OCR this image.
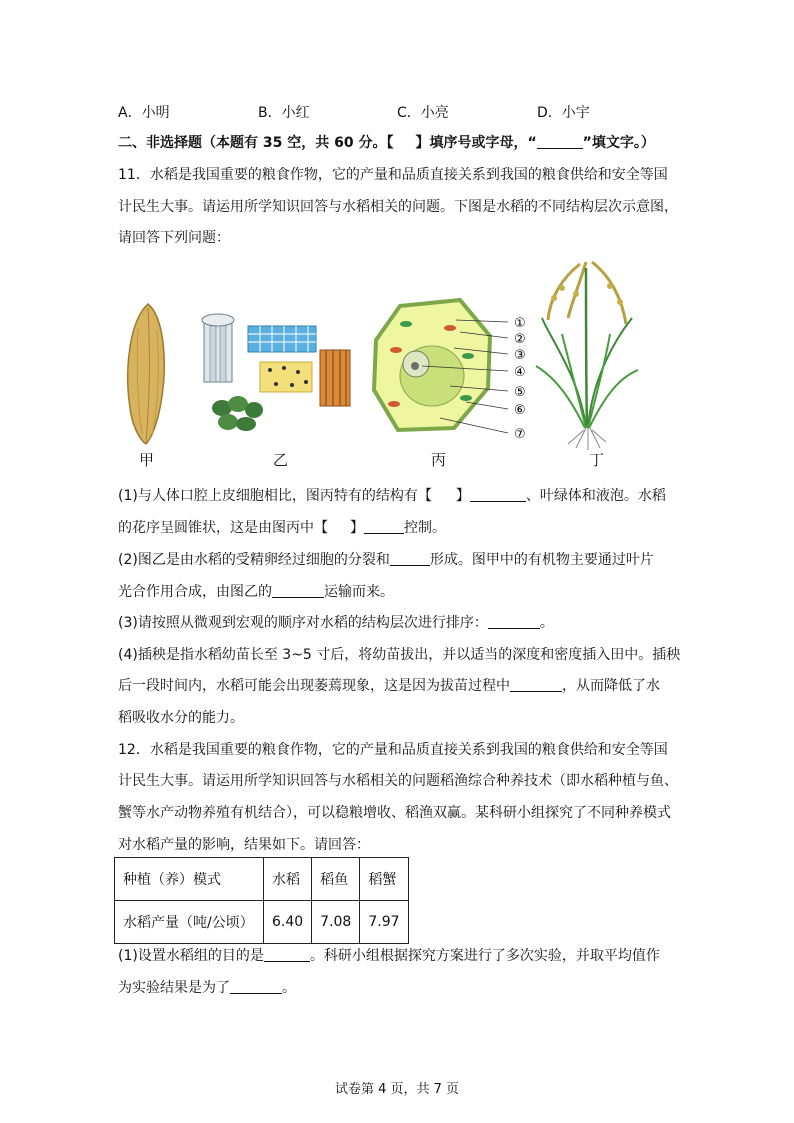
A．小明	B．小红	C．小亮	D．小宇
二、非选择题（本题有 35 空，共 60 分。【 】填序号或字母，“	”填文字。）
11．水稻是我国重要的粮食作物，它的产量和品质直接关系到我国的粮食供给和安全等国
计民生大事。请运用所学知识回答与水稻相关的问题。下图是水稻的不同结构层次示意图，
请回答下列问题：
①
②
③
④
⑤
⑥
⑦
甲	乙	丙	丁
(1)与人体口腔上皮细胞相比，图丙特有的结构有【 】	、叶绿体和液泡。水稻
的花序呈圆锥状，这是由图丙中【 】	控制。
(2)图乙是由水稻的受精卵经过细胞的分裂和	形成。图甲中的有机物主要通过叶片
光合作用合成，由图乙的	运输而来。
(3)请按照从微观到宏观的顺序对水稻的结构层次进行排序：	。
(4)插秧是指水稻幼苗长至 3~5 寸后，将幼苗拔出，并以适当的深度和密度插入田中。插秧
后一段时间内，水稻可能会出现萎蔫现象，这是因为拔苗过程中	，从而降低了水
稻吸收水分的能力。
12．水稻是我国重要的粮食作物，它的产量和品质直接关系到我国的粮食供给和安全等国
计民生大事。请运用所学知识回答与水稻相关的问题稻渔综合种养技术（即水稻种植与鱼、
蟹等水产动物养殖有机结合），可以稳粮增收、稻渔双赢。某科研小组探究了不同种养模式
对水稻产量的影响，结果如下。请回答：
种植（养）模式	水稻	稻鱼	稻蟹
水稻产量（吨/公顷）	6.40	7.08	7.97
(1)设置水稻组的目的是	。科研小组根据探究方案进行了多次实验，并取平均值作
为实验结果是为了	。
试卷第 4 页，共 7 页
